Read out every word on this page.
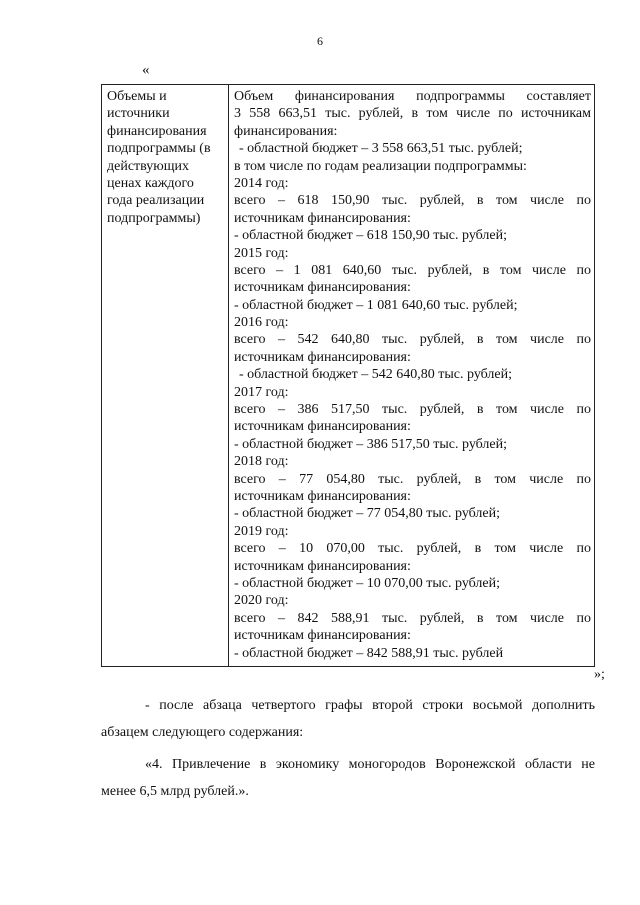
6
«
Объемы и
источники
финансирования
подпрограммы (в
действующих
ценах каждого
года реализации
подпрограммы)
Объем финансирования подпрограммы составляет
3 558 663,51 тыс. рублей, в том числе по источникам
финансирования:
- областной бюджет – 3 558 663,51 тыс. рублей;
в том числе по годам реализации подпрограммы:
2014 год:
всего – 618 150,90 тыс. рублей, в том числе по
источникам финансирования:
- областной бюджет – 618 150,90 тыс. рублей;
2015 год:
всего – 1 081 640,60 тыс. рублей, в том числе по
источникам финансирования:
- областной бюджет – 1 081 640,60 тыс. рублей;
2016 год:
всего – 542 640,80 тыс. рублей, в том числе по
источникам финансирования:
- областной бюджет – 542 640,80 тыс. рублей;
2017 год:
всего – 386 517,50 тыс. рублей, в том числе по
источникам финансирования:
- областной бюджет – 386 517,50 тыс. рублей;
2018 год:
всего – 77 054,80 тыс. рублей, в том числе по
источникам финансирования:
- областной бюджет – 77 054,80 тыс. рублей;
2019 год:
всего – 10 070,00 тыс. рублей, в том числе по
источникам финансирования:
- областной бюджет – 10 070,00 тыс. рублей;
2020 год:
всего – 842 588,91 тыс. рублей, в том числе по
источникам финансирования:
- областной бюджет – 842 588,91 тыс. рублей
»;
- после абзаца четвертого графы второй строки восьмой дополнить
абзацем следующего содержания:
«4. Привлечение в экономику моногородов Воронежской области не
менее 6,5 млрд рублей.».
